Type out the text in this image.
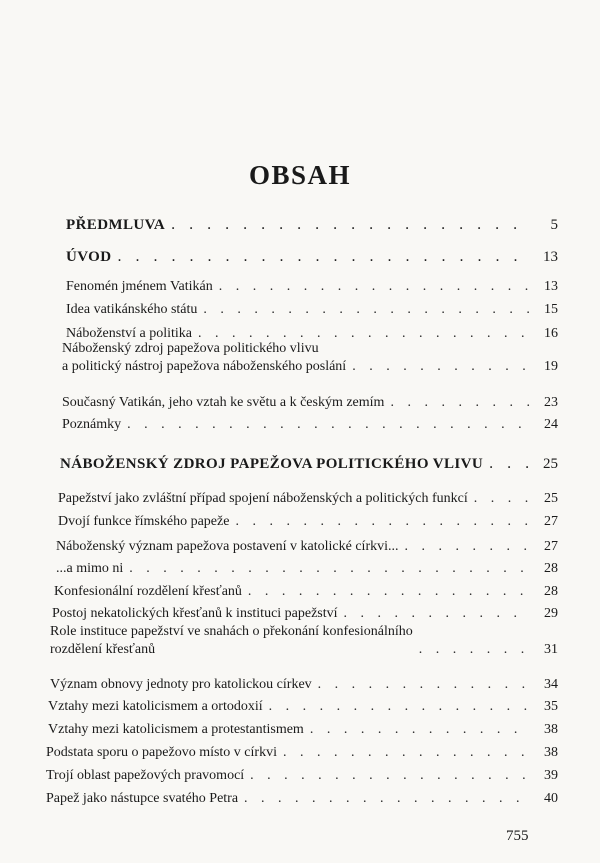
OBSAH
PŘEDMLUVA . . .	5
ÚVOD . . .	13
Fenomén jménem Vatikán . . .	13
Idea vatikánského státu . . .	15
Náboženství a politika . . .	16
Náboženský zdroj papežova politického vlivu
a politický nástroj papežova náboženského poslání . . .	19
Současný Vatikán, jeho vztah ke světu a k českým zemím . . .	23
Poznámky . . .	24
NÁBOŽENSKÝ ZDROJ PAPEŽOVA POLITICKÉHO VLIVU . . .	25
Papežství jako zvláštní případ spojení náboženských a politických funkcí . . .	25
Dvojí funkce římského papeže . . .	27
Náboženský význam papežova postavení v katolické církvi... . . .	27
...a mimo ni . . .	28
Konfesionální rozdělení křesťanů . . .	28
Postoj nekatolických křesťanů k instituci papežství . . .	29
Role instituce papežství ve snahách o překonání konfesionálního
rozdělení křesťanů . . .	31
Význam obnovy jednoty pro katolickou církev . . .	34
Vztahy mezi katolicismem a ortodoxií . . .	35
Vztahy mezi katolicismem a protestantismem . . .	38
Podstata sporu o papežovo místo v církvi . . .	38
Trojí oblast papežových pravomocí . . .	39
Papež jako nástupce svatého Petra . . .	40
755
